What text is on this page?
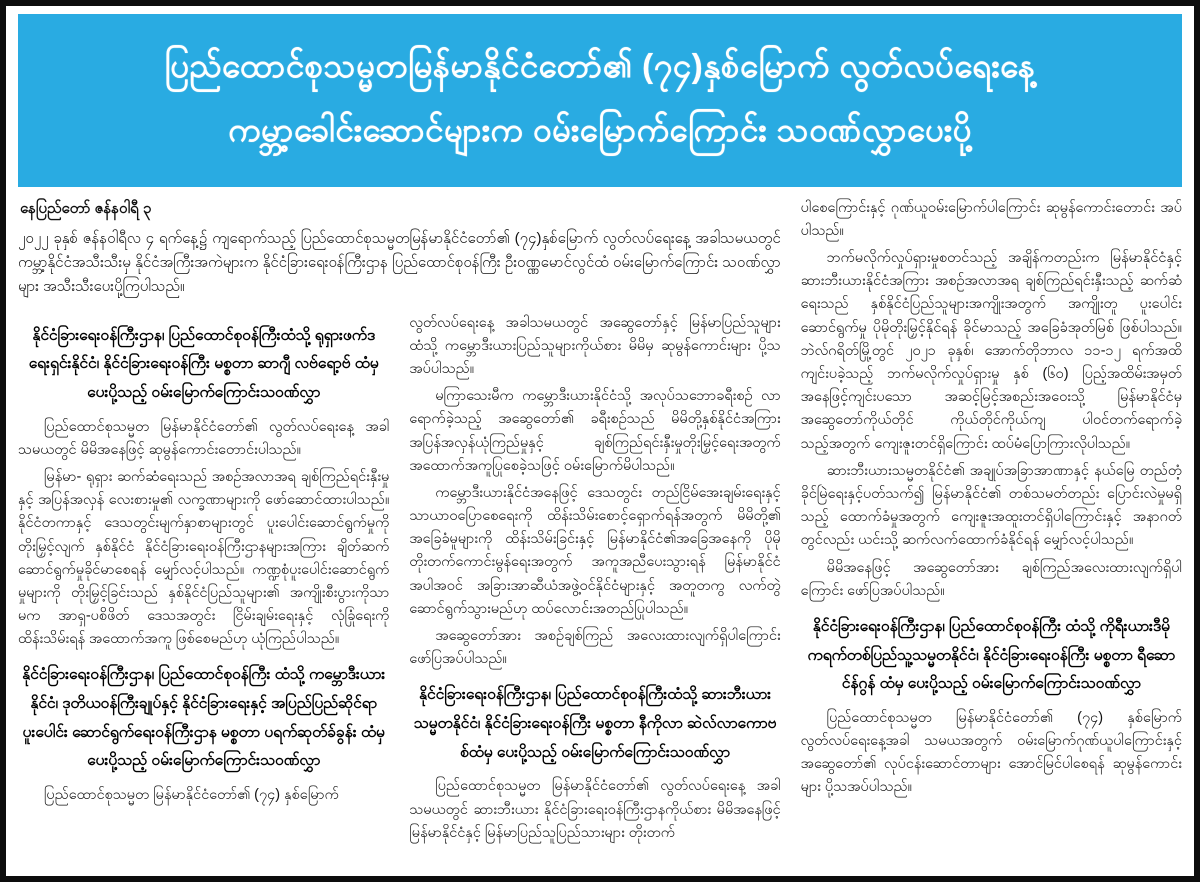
ပြည်ထောင်စုသမ္မတမြန်မာနိုင်ငံတော်၏ (၇၄)နှစ်မြောက် လွတ်လပ်ရေးနေ့
ကမ္ဘာ့ခေါင်းဆောင်များက ဝမ်းမြောက်ကြောင်း သဝဏ်လွှာပေးပို့
နေပြည်တော် ဇန်နဝါရီ ၃
၂၀၂၂ ခုနှစ် ဇန်နဝါရီလ ၄ ရက်နေ့၌ ကျရောက်သည့် ပြည်ထောင်စုသမ္မတမြန်မာနိုင်ငံတော်၏ (၇၄)နှစ်မြောက် လွတ်လပ်ရေးနေ့ အခါသမယတွင် ကမ္ဘာ့နိုင်ငံအသီးသီးမှ နိုင်ငံအကြီးအကဲများက နိုင်ငံခြားရေးဝန်ကြီးဌာန ပြည်ထောင်စုဝန်ကြီး ဦးဝဏ္ဏမောင်လွင်ထံ ဝမ်းမြောက်ကြောင်း သဝဏ်လွှာများ အသီးသီးပေးပို့ကြပါသည်။
နိုင်ငံခြားရေးဝန်ကြီးဌာန၊ ပြည်ထောင်စုဝန်ကြီးထံသို့ ရုရှားဖက်ဒရေးရှင်းနိုင်ငံ၊ နိုင်ငံခြားရေးဝန်ကြီး မစ္စတာ ဆာဂျီ လဗ်ရော့ဗ် ထံမှ ပေးပို့သည့် ဝမ်းမြောက်ကြောင်းသဝဏ်လွှာ
ပြည်ထောင်စုသမ္မတ မြန်မာနိုင်ငံတော်၏ လွတ်လပ်ရေးနေ့ အခါသမယတွင် မိမိအနေဖြင့် ဆုမွန်ကောင်းတောင်းပါသည်။
မြန်မာ- ရုရှား ဆက်ဆံရေးသည် အစဉ်အလာအရ ချစ်ကြည်ရင်းနှီးမှုနှင့် အပြန်အလှန် လေးစားမှု၏ လက္ခဏာများကို ဖော်ဆောင်ထားပါသည်။ နိုင်ငံတကာနှင့် ဒေသတွင်းမျက်နှာစာများတွင် ပူးပေါင်းဆောင်ရွက်မှုကို တိုးမြှင့်လျက် နှစ်နိုင်ငံ နိုင်ငံခြားရေးဝန်ကြီးဌာနများအကြား ချိတ်ဆက်ဆောင်ရွက်မှုခိုင်မာစေရန် မျှော်လင့်ပါသည်။ ကဏ္ဍစုံပူးပေါင်းဆောင်ရွက်မှုများကို တိုးမြှင့်ခြင်းသည် နှစ်နိုင်ငံပြည်သူများ၏ အကျိုးစီးပွားကိုသာမက အာရှ-ပစိဖိတ် ဒေသအတွင်း ငြိမ်းချမ်းရေးနှင့် လုံခြုံရေးကို ထိန်းသိမ်းရန် အထောက်အကူ ဖြစ်စေမည်ဟု ယုံကြည်ပါသည်။
နိုင်ငံခြားရေးဝန်ကြီးဌာန၊ ပြည်ထောင်စုဝန်ကြီး ထံသို့ ကမ္ဘောဒီးယားနိုင်ငံ၊ ဒုတိယဝန်ကြီးချုပ်နှင့် နိုင်ငံခြားရေးနှင့် အပြည်ပြည်ဆိုင်ရာပူးပေါင်း ဆောင်ရွက်ရေးဝန်ကြီးဌာန မစ္စတာ ပရက်ဆုတ်ခ်ခွန်း ထံမှ ပေးပို့သည့် ဝမ်းမြောက်ကြောင်းသဝဏ်လွှာ
ပြည်ထောင်စုသမ္မတ မြန်မာနိုင်ငံတော်၏ (၇၄) နှစ်မြောက်
လွတ်လပ်ရေးနေ့ အခါသမယတွင် အဆွေတော်နှင့် မြန်မာပြည်သူများ ထံသို့ ကမ္ဘောဒီးယားပြည်သူများကိုယ်စား မိမိမှ ဆုမွန်ကောင်းများ ပို့သအပ်ပါသည်။
မကြာသေးမီက ကမ္ဘောဒီးယားနိုင်ငံသို့ အလုပ်သဘောခရီးစဉ် လာရောက်ခဲ့သည့် အဆွေတော်၏ ခရီးစဉ်သည် မိမိတို့နှစ်နိုင်ငံအကြား အပြန်အလှန်ယုံကြည်မှုနှင့် ချစ်ကြည်ရင်းနှီးမှုတိုးမြှင့်ရေးအတွက် အထောက်အကူပြုစေခဲ့သဖြင့် ဝမ်းမြောက်မိပါသည်။
ကမ္ဘောဒီးယားနိုင်ငံအနေဖြင့် ဒေသတွင်း တည်ငြိမ်အေးချမ်းရေးနှင့် သာယာဝပြောစေရေးကို ထိန်းသိမ်းစောင့်ရှောက်ရန်အတွက် မိမိတို့၏ အခြေခံမူများကို ထိန်းသိမ်းခြင်းနှင့် မြန်မာနိုင်ငံ၏အခြေအနေကို ပိုမိုတိုးတက်ကောင်းမွန်ရေးအတွက် အကူအညီပေးသွားရန် မြန်မာနိုင်ငံအပါအဝင် အခြားအာဆီယံအဖွဲ့ဝင်နိုင်ငံများနှင့် အတူတကွ လက်တွဲဆောင်ရွက်သွားမည်ဟု ထပ်လောင်းအတည်ပြုပါသည်။
အဆွေတော်အား အစဉ်ချစ်ကြည် အလေးထားလျက်ရှိပါကြောင်း ဖော်ပြအပ်ပါသည်။
နိုင်ငံခြားရေးဝန်ကြီးဌာန၊ ပြည်ထောင်စုဝန်ကြီးထံသို့ ဆားဘီးယားသမ္မတနိုင်ငံ၊ နိုင်ငံခြားရေးဝန်ကြီး မစ္စတာ နီကိုလာ ဆဲလ်လာကောဗစ်ထံမှ ပေးပို့သည့် ဝမ်းမြောက်ကြောင်းသဝဏ်လွှာ
ပြည်ထောင်စုသမ္မတ မြန်မာနိုင်ငံတော်၏ လွတ်လပ်ရေးနေ့ အခါသမယတွင် ဆားဘီးယား နိုင်ငံခြားရေးဝန်ကြီးဌာနကိုယ်စား မိမိအနေဖြင့် မြန်မာနိုင်ငံနှင့် မြန်မာပြည်သူပြည်သားများ တိုးတက်
ပါစေကြောင်းနှင့် ဂုဏ်ယူဝမ်းမြောက်ပါကြောင်း ဆုမွန်ကောင်းတောင်း အပ်ပါသည်။
ဘက်မလိုက်လှုပ်ရှားမှုစတင်သည့် အချိန်ကတည်းက မြန်မာနိုင်ငံနှင့် ဆားဘီးယားနိုင်ငံအကြား အစဉ်အလာအရ ချစ်ကြည်ရင်းနှီးသည့် ဆက်ဆံရေးသည် နှစ်နိုင်ငံပြည်သူများအကျိုးအတွက် အကျိုးတူ ပူးပေါင်းဆောင်ရွက်မှု ပိုမိုတိုးမြှင့်နိုင်ရန် ခိုင်မာသည့် အခြေခံအုတ်မြစ် ဖြစ်ပါသည်။ ဘဲလ်ဂရိတ်မြို့တွင် ၂၀၂၁ ခုနှစ်၊ အောက်တိုဘာလ ၁၁-၁၂ ရက်အထိ ကျင်းပခဲ့သည့် ဘက်မလိုက်လှုပ်ရှားမှု နှစ် (၆၀) ပြည့်အထိမ်းအမှတ်အနေဖြင့်ကျင်းပသော အဆင့်မြင့်အစည်းအဝေးသို့ မြန်မာနိုင်ငံမှ အဆွေတော်ကိုယ်တိုင် ကိုယ်တိုင်ကိုယ်ကျ ပါဝင်တက်ရောက်ခဲ့သည့်အတွက် ကျေးဇူးတင်ရှိကြောင်း ထပ်မံပြောကြားလိုပါသည်။
ဆားဘီးယားသမ္မတနိုင်ငံ၏ အချုပ်အခြာအာဏာနှင့် နယ်မြေ တည်တံ့ခိုင်မြဲရေးနှင့်ပတ်သက်၍ မြန်မာနိုင်ငံ၏ တစ်သမတ်တည်း ပြောင်းလဲမှုမရှိသည့် ထောက်ခံမှုအတွက် ကျေးဇူးအထူးတင်ရှိပါကြောင်းနှင့် အနာဂတ်တွင်လည်း ယင်းသို့ ဆက်လက်ထောက်ခံနိုင်ရန် မျှော်လင့်ပါသည်။
မိမိအနေဖြင့် အဆွေတော်အား ချစ်ကြည်အလေးထားလျက်ရှိပါကြောင်း ဖော်ပြအပ်ပါသည်။
နိုင်ငံခြားရေးဝန်ကြီးဌာန၊ ပြည်ထောင်စုဝန်ကြီး ထံသို့ ကိုရီးယားဒီမိုကရက်တစ်ပြည်သူ့သမ္မတနိုင်ငံ၊ နိုင်ငံခြားရေးဝန်ကြီး မစ္စတာ ရီဆောင်န်ဂွန် ထံမှ ပေးပို့သည့် ဝမ်းမြောက်ကြောင်းသဝဏ်လွှာ
ပြည်ထောင်စုသမ္မတ မြန်မာနိုင်ငံတော်၏ (၇၄) နှစ်မြောက် လွတ်လပ်ရေးနေ့အခါ သမယအတွက် ဝမ်းမြောက်ဂုဏ်ယူပါကြောင်းနှင့် အဆွေတော်၏ လုပ်ငန်းဆောင်တာများ အောင်မြင်ပါစေရန် ဆုမွန်ကောင်းများ ပို့သအပ်ပါသည်။
